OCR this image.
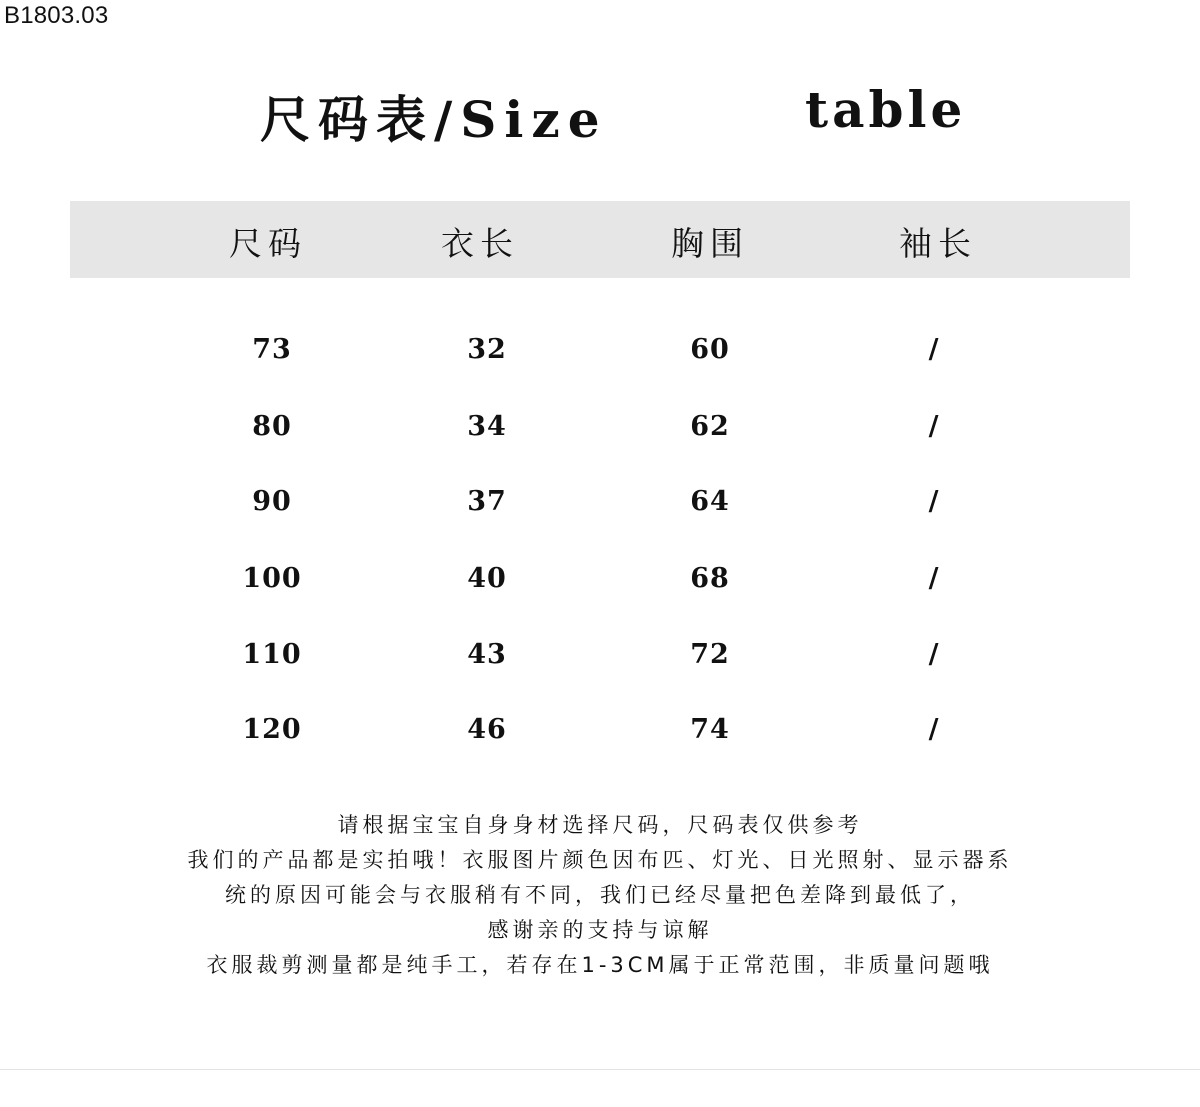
B1803.03
尺码表/Size	table
尺码	衣长	胸围	袖长
73	32	60	/
80	34	62	/
90	37	64	/
100	40	68	/
110	43	72	/
120	46	74	/
请根据宝宝自身身材选择尺码，尺码表仅供参考
我们的产品都是实拍哦！衣服图片颜色因布匹、灯光、日光照射、显示器系
统的原因可能会与衣服稍有不同，我们已经尽量把色差降到最低了，
感谢亲的支持与谅解
衣服裁剪测量都是纯手工，若存在1-3CM属于正常范围，非质量问题哦
